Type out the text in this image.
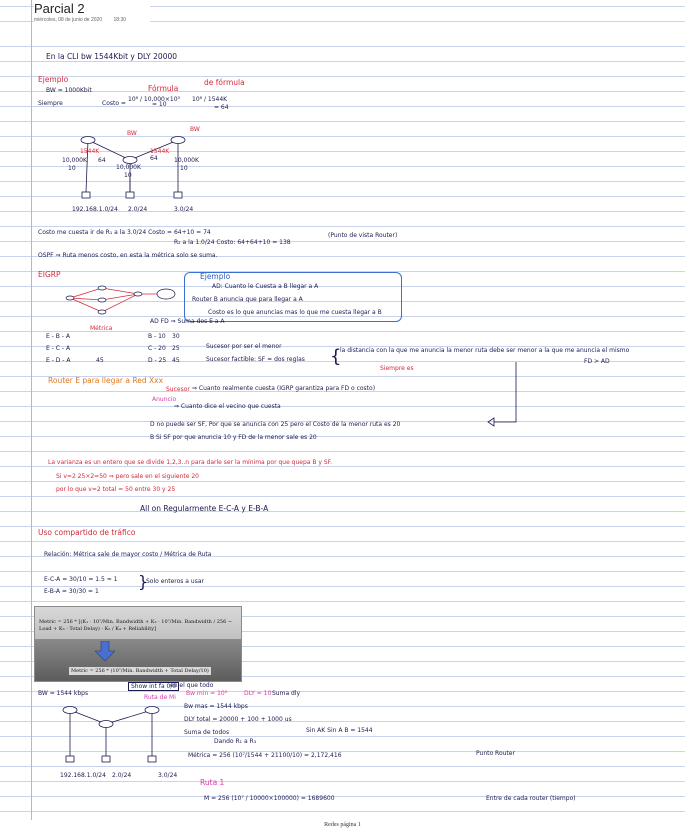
Parcial 2
miércoles, 08 de junio de 2020 18:30
En la CLI bw 1544Kbit y DLY 20000
Ejemplo
Fórmula
de fórmula
BW = 1000Kbit
Siempre	Costo =
10⁸ / 10,000×10³
= 10
10⁸ / 1544K
= 64
BW
BW
1544K	1544K
10,000K
10,000K
10,000K
64	64
10
10
10
192.168.1.0/24 2.0/24	3.0/24
Costo me cuesta ir de R₁ a la 3.0/24 Costo = 64+10 = 74
R₂ a la 1.0/24 Costo: 64+64+10 = 138
(Punto de vista Router)
OSPF ⇒ Ruta menos costo, en esta la métrica solo se suma.
EIGRP	Ejemplo
AD: Cuanto le Cuesta a B llegar a A
Router B anuncia que para llegar a A
Costo es lo que anuncias mas lo que me cuesta llegar a B
Métrica
AD FD ⇒ Suma dos E a A
E - B - A	B - 10 30
E - C - A	C - 20 25
E - D - A	45	D - 25 45
Sucesor por ser el menor
Sucesor factible: SF = dos reglas {
la distancia con la que me anuncia la menor ruta debe ser menor a la que me anuncia el mismo
FD > AD
Router E para llegar a Red Xxx
Sucesor
Anuncio
Siempre es
⇒ Cuanto realmente cuesta (IGRP garantiza para FD o costo)
⇒ Cuanto dice el vecino que cuesta
D no puede ser SF, Por que se anuncia con 25 pero el Costo de la menor ruta es 20
B Si SF por que anuncia 10 y FD de la menor sale es 20
La varianza es un entero que se divide 1,2,3..n para darle ser la mínima por que quepa B y SF.
Si v=2 25×2=50 ⇒ pero sale en el siguiente 20
por lo que v=2 total = 50 entre 30 y 25
All on Regularmente E-C-A y E-B-A
Uso compartido de tráfico
Relación: Métrica sale de mayor costo / Métrica de Ruta
E-C-A = 30/10 = 1.5 ≈ 1
E-B-A = 30/30 = 1
}
Solo enteros a usar
Metric = 256 * [(K₁ · 10⁷/Min. Bandwidth + K₂ · 10⁷/Min. Bandwidth / 256 − Load + K₃ · Total Delay) · K₅ / K₄ + Reliability]
Metric = 256 * (10⁷/Min. Bandwidth + Total Delay/10)
Show int fa 0/0
en el que todo
Ruta de Mi
BW = 1544 kbps	Bw min = 10⁸	DLY = 10 Suma dly
Bw mas = 1544 kbps
DLY total = 20000 + 100 + 1000 us
Suma de todos
Dando R₁ a R₃
Sin AK Sin A B = 1544
Métrica = 256 (10⁷/1544 + 21100/10) = 2,172,416	Punto Router
192.168.1.0/24 2.0/24	3.0/24
Ruta 1
M = 256 (10⁷ / 10000×100000) = 1689600	Entre de cada router (tiempo)
Redes página 1
